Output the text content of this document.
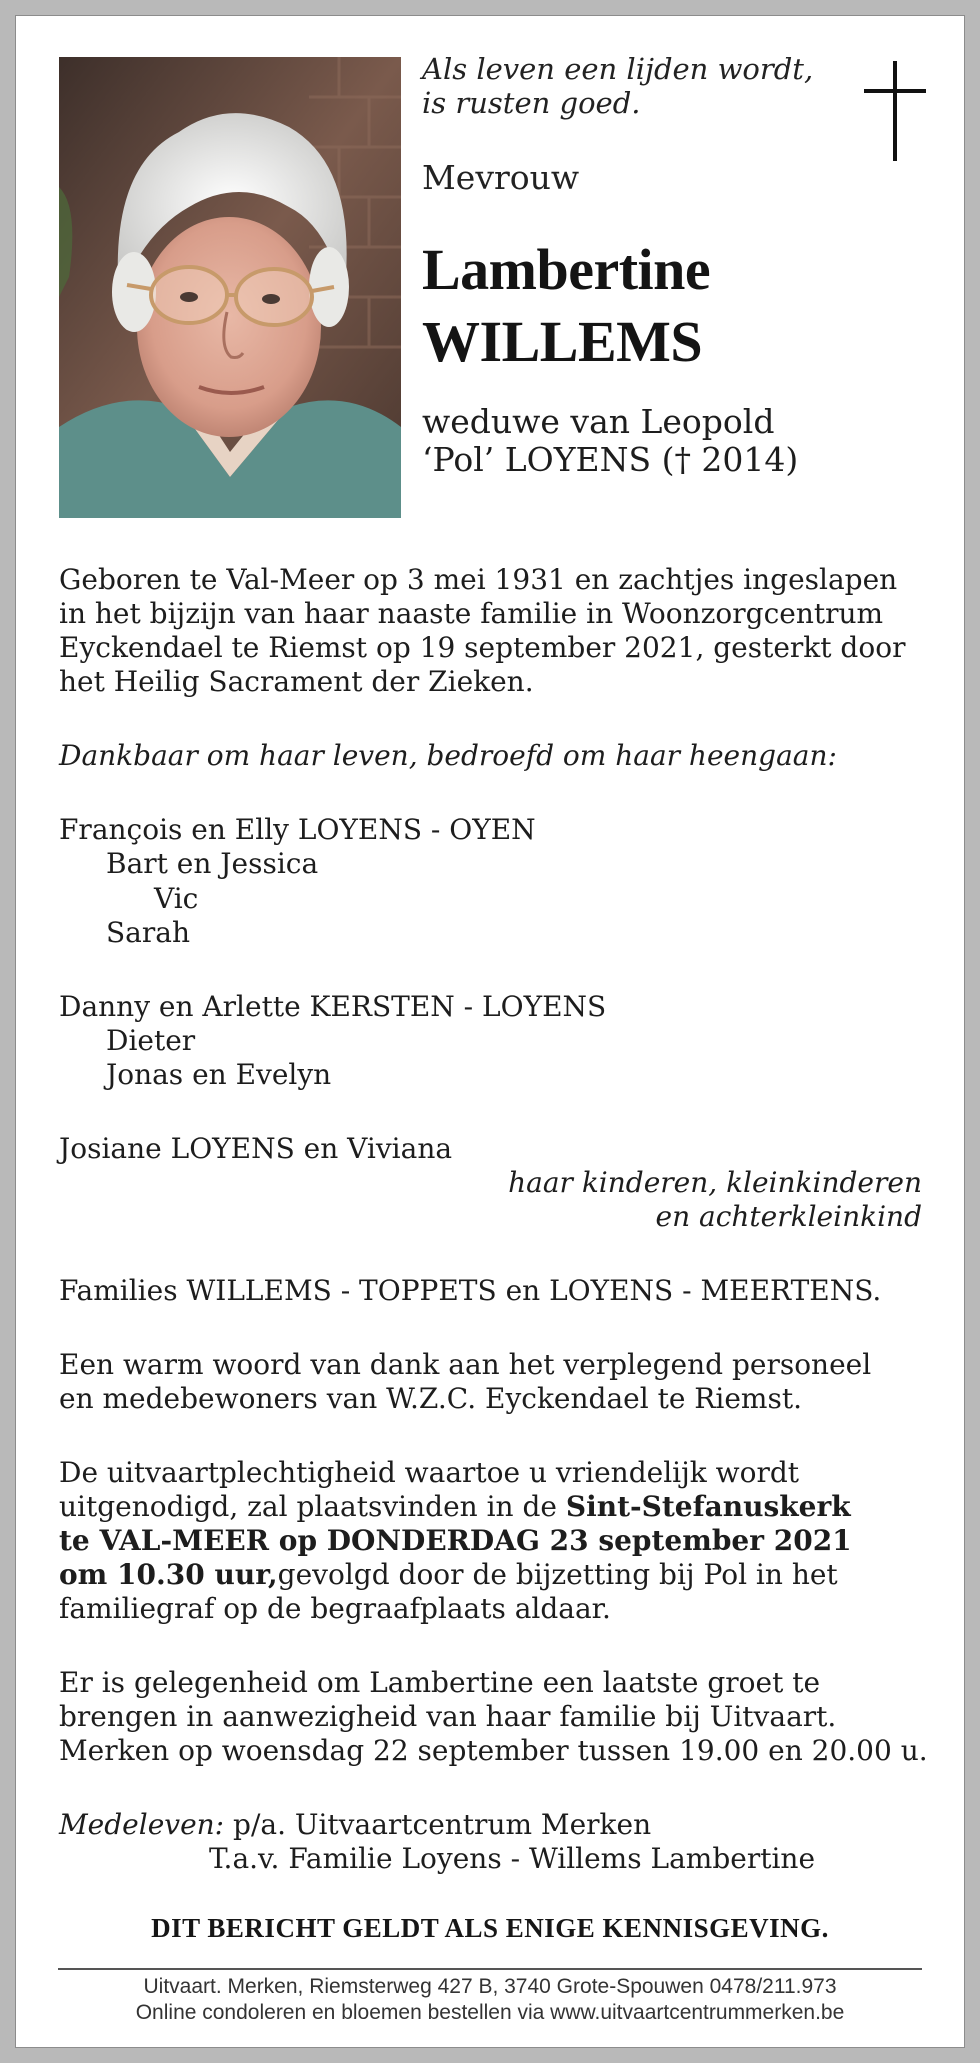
Als leven een lijden wordt,
is rusten goed.
Mevrouw
Lambertine
WILLEMS
weduwe van Leopold
‘Pol’ LOYENS († 2014)
Geboren te Val-Meer op 3 mei 1931 en zachtjes ingeslapen
in het bijzijn van haar naaste familie in Woonzorgcentrum
Eyckendael te Riemst op 19 september 2021, gesterkt door
het Heilig Sacrament der Zieken.
Dankbaar om haar leven, bedroefd om haar heengaan:
François en Elly LOYENS - OYEN
Bart en Jessica
Vic
Sarah
Danny en Arlette KERSTEN - LOYENS
Dieter
Jonas en Evelyn
Josiane LOYENS en Viviana
haar kinderen, kleinkinderen
en achterkleinkind
Families WILLEMS - TOPPETS en LOYENS - MEERTENS.
Een warm woord van dank aan het verplegend personeel
en medebewoners van W.Z.C. Eyckendael te Riemst.
De uitvaartplechtigheid waartoe u vriendelijk wordt
uitgenodigd, zal plaatsvinden in de Sint-Stefanuskerk
te VAL-MEER op DONDERDAG 23 september 2021
om 10.30 uur,gevolgd door de bijzetting bij Pol in het
familiegraf op de begraafplaats aldaar.
Er is gelegenheid om Lambertine een laatste groet te
brengen in aanwezigheid van haar familie bij Uitvaart.
Merken op woensdag 22 september tussen 19.00 en 20.00 u.
Medeleven: p/a. Uitvaartcentrum Merken
T.a.v. Familie Loyens - Willems Lambertine
DIT BERICHT GELDT ALS ENIGE KENNISGEVING.
Uitvaart. Merken, Riemsterweg 427 B, 3740 Grote-Spouwen 0478/211.973
Online condoleren en bloemen bestellen via www.uitvaartcentrummerken.be
